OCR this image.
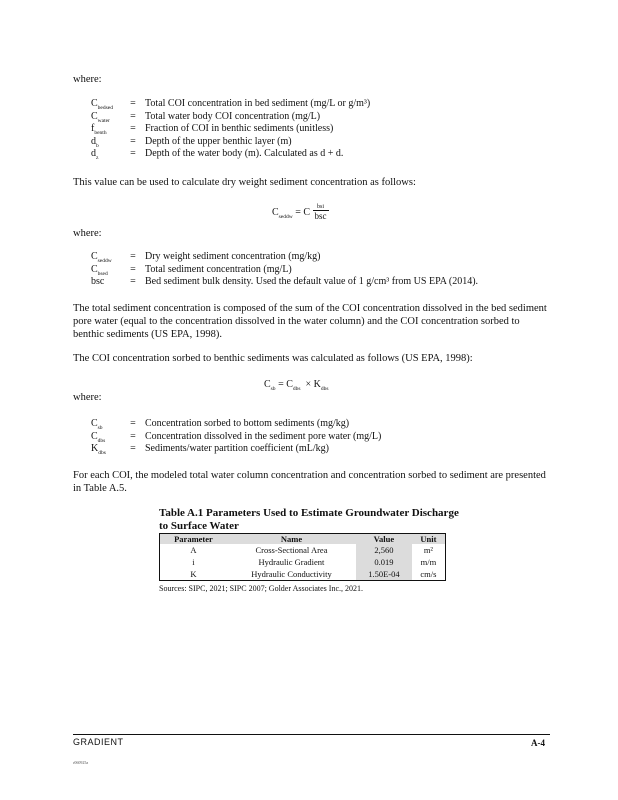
where:
$C_{bedsed}$	= Total COI concentration in bed sediment (mg/L or g/m³)
$C_{water}$	= Total water body COI concentration (mg/L)
$f_{benth}$	= Fraction of COI in benthic sediments (unitless)
$d_b$	= Depth of the upper benthic layer (m)
$d_z$	= Depth of the water body (m). Calculated as d + d.
This value can be used to calculate dry weight sediment concentration as follows:
$C_{seddw} = C \frac{\text{bsi}}{\text{bsc}}$
where:
$C_{seddw}$	= Dry weight sediment concentration (mg/kg)
$C_{bsed}$	= Total sediment concentration (mg/L)
bsc	= Bed sediment bulk density. Used the default value of 1 g/cm³ from US EPA (2014).
The total sediment concentration is composed of the sum of the COI concentration dissolved in the bed sediment pore water (equal to the concentration dissolved in the water column) and the COI concentration sorbed to benthic sediments (US EPA, 1998).
The COI concentration sorbed to benthic sediments was calculated as follows (US EPA, 1998):
$C_{sb} = C_{dbs} \times K_{dbs}$
where:
$C_{sb}$	= Concentration sorbed to bottom sediments (mg/kg)
$C_{dbs}$	= Concentration dissolved in the sediment pore water (mg/L)
$K_{dbs}$	= Sediments/water partition coefficient (mL/kg)
For each COI, the modeled total water column concentration and concentration sorbed to sediment are presented in Table A.5.
Table A.1 Parameters Used to Estimate Groundwater Discharge to Surface Water
Parameter	Name	Value	Unit
A	Cross-Sectional Area	2,560	m²
i	Hydraulic Gradient	0.019	m/m
K	Hydraulic Conductivity	1.50E-04	cm/s
Sources: SIPC, 2021; SIPC 2007; Golder Associates Inc., 2021.
GRADIENT	A-4
r060925a
